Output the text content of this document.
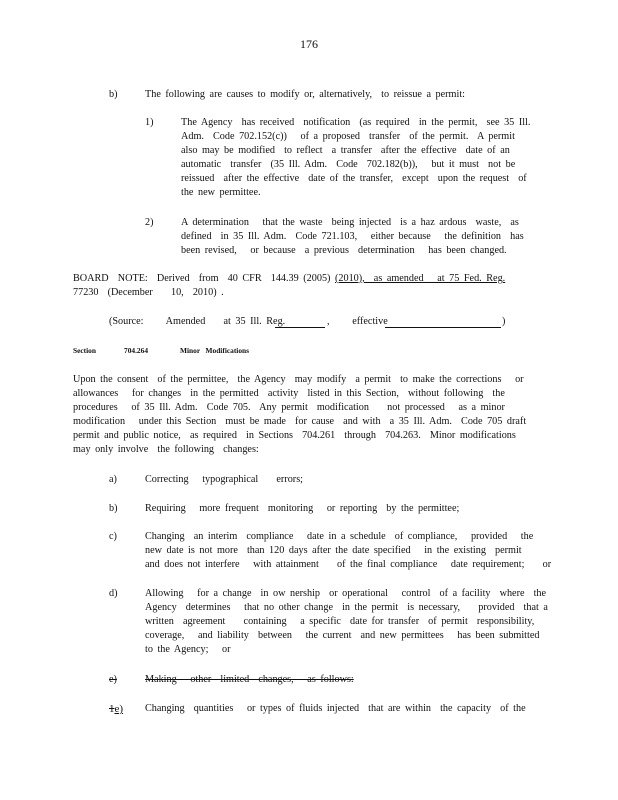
176
b)	The following are causes to modify or, alternatively,  to reissue a permit:
1)	The Agency  has received  notification  (as required  in the permit,  see 35 Ill.
Adm.  Code 702.152(c))   of a proposed  transfer  of the permit.  A permit
also may be modified  to reflect  a transfer  after the effective  date of an
automatic  transfer  (35 Ill. Adm.  Code  702.182(b)),   but it must  not be
reissued  after the effective  date of the transfer,  except  upon the request  of
the new permittee.
2)	A determination   that the waste  being injected  is a haz ardous  waste,  as
defined  in 35 Ill. Adm.  Code 721.103,   either because   the definition  has
been revised,   or because  a previous  determination   has been changed.
BOARD  NOTE:  Derived  from  40 CFR  144.39 (2005) (2010),  as amended   at 75 Fed. Reg.
77230  (December    10,  2010) .
(Source:     Amended    at 35 Ill. Reg.	,     effective	)
Section	704.264	Minor   Modifications
Upon the consent  of the permittee,  the Agency  may modify  a permit  to make the corrections   or
allowances   for changes  in the permitted  activity  listed in this Section,  without following  the
procedures   of 35 Ill. Adm.  Code 705.  Any permit  modification    not processed   as a minor
modification   under this Section  must be made  for cause  and with  a 35 Ill. Adm.  Code 705 draft
permit and public notice,  as required  in Sections  704.261  through  704.263.  Minor modifications
may only involve  the following  changes:
a)	Correcting   typographical    errors;
b)	Requiring   more frequent  monitoring   or reporting  by the permittee;
c)	Changing  an interim  compliance   date in a schedule  of compliance,   provided   the
new date is not more  than 120 days after the date specified   in the existing  permit
and does not interfere   with attainment    of the final compliance   date requirement;    or
d)	Allowing   for a change  in ow nership  or operational   control  of a facility  where  the
Agency  determines   that no other change  in the permit  is necessary,    provided  that a
written  agreement    containing   a specific  date for transfer  of permit  responsibility,
coverage,   and liability  between   the current  and new permittees   has been submitted
to the Agency;   or
e)	Making   other  limited  changes,   as follows:
1e) Changing  quantities   or types of fluids injected  that are within  the capacity  of the
